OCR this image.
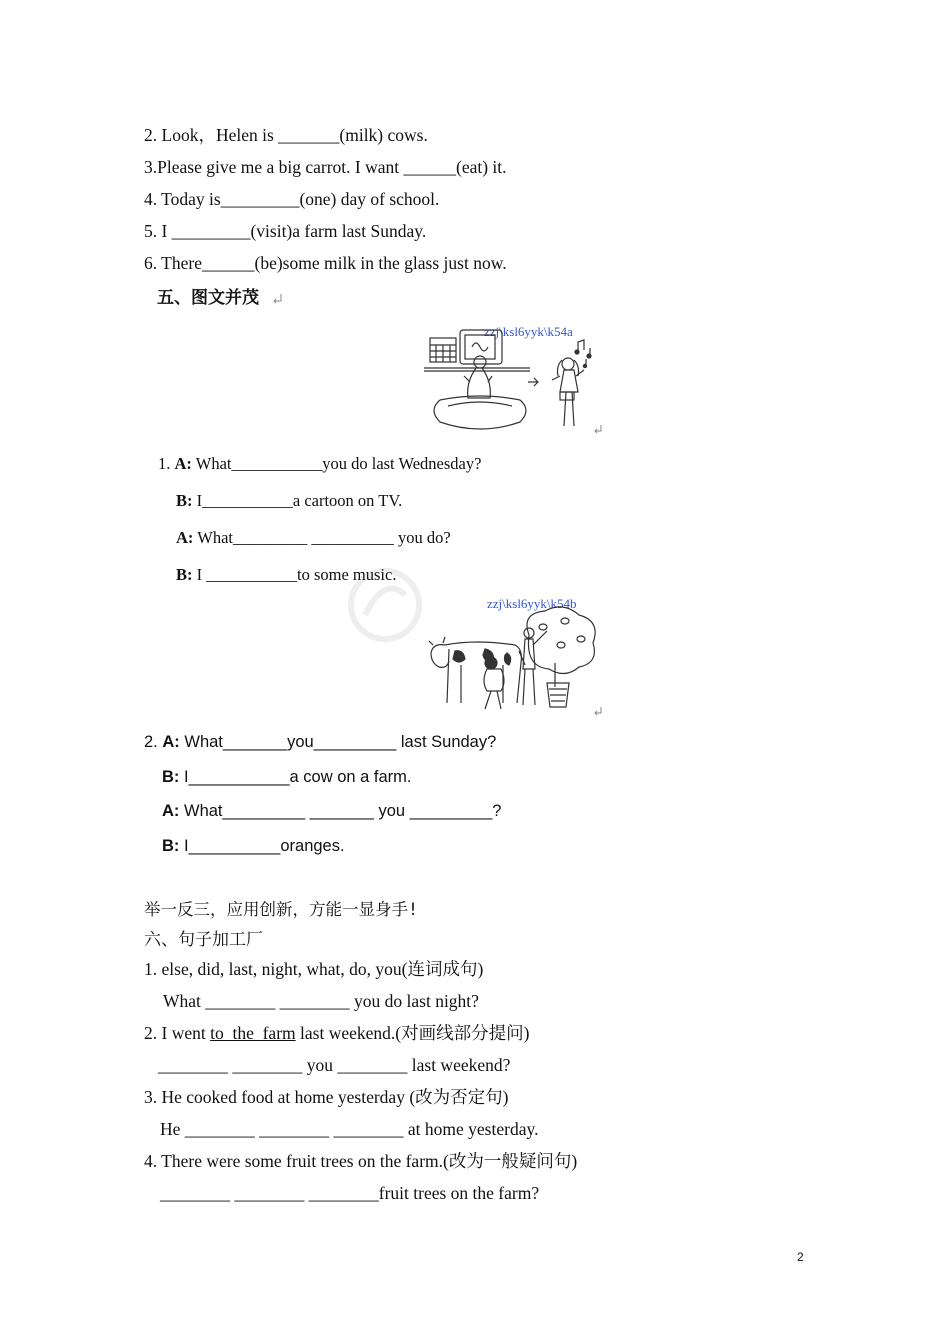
2. Look，Helen is _______(milk) cows.
3.Please give me a big carrot. I want ______(eat) it.
4. Today is_________(one) day of school.
5. I _________(visit)a farm last Sunday.
6. There______(be)some milk in the glass just now.
五、图文并茂
zzj\ksl6yyk\k54a
1. A: What___________you do last Wednesday?
B: I___________a cartoon on TV.
A: What_________ __________ you do?
B: I ___________to some music.
zzj\ksl6yyk\k54b
2. A: What_______you_________ last Sunday?
B: I___________a cow on a farm.
A: What_________ _______ you _________?
B: I__________oranges.
举一反三，应用创新，方能一显身手!
六、句子加工厂
1. else, did, last, night, what, do, you(连词成句)
What ________ ________ you do last night?
2. I went to  the  farm last weekend.(对画线部分提问)
________ ________ you ________ last weekend?
3. He cooked food at home yesterday (改为否定句)
He ________ ________ ________ at home yesterday.
4. There were some fruit trees on the farm.(改为一般疑问句)
________ ________ ________fruit trees on the farm?
2
